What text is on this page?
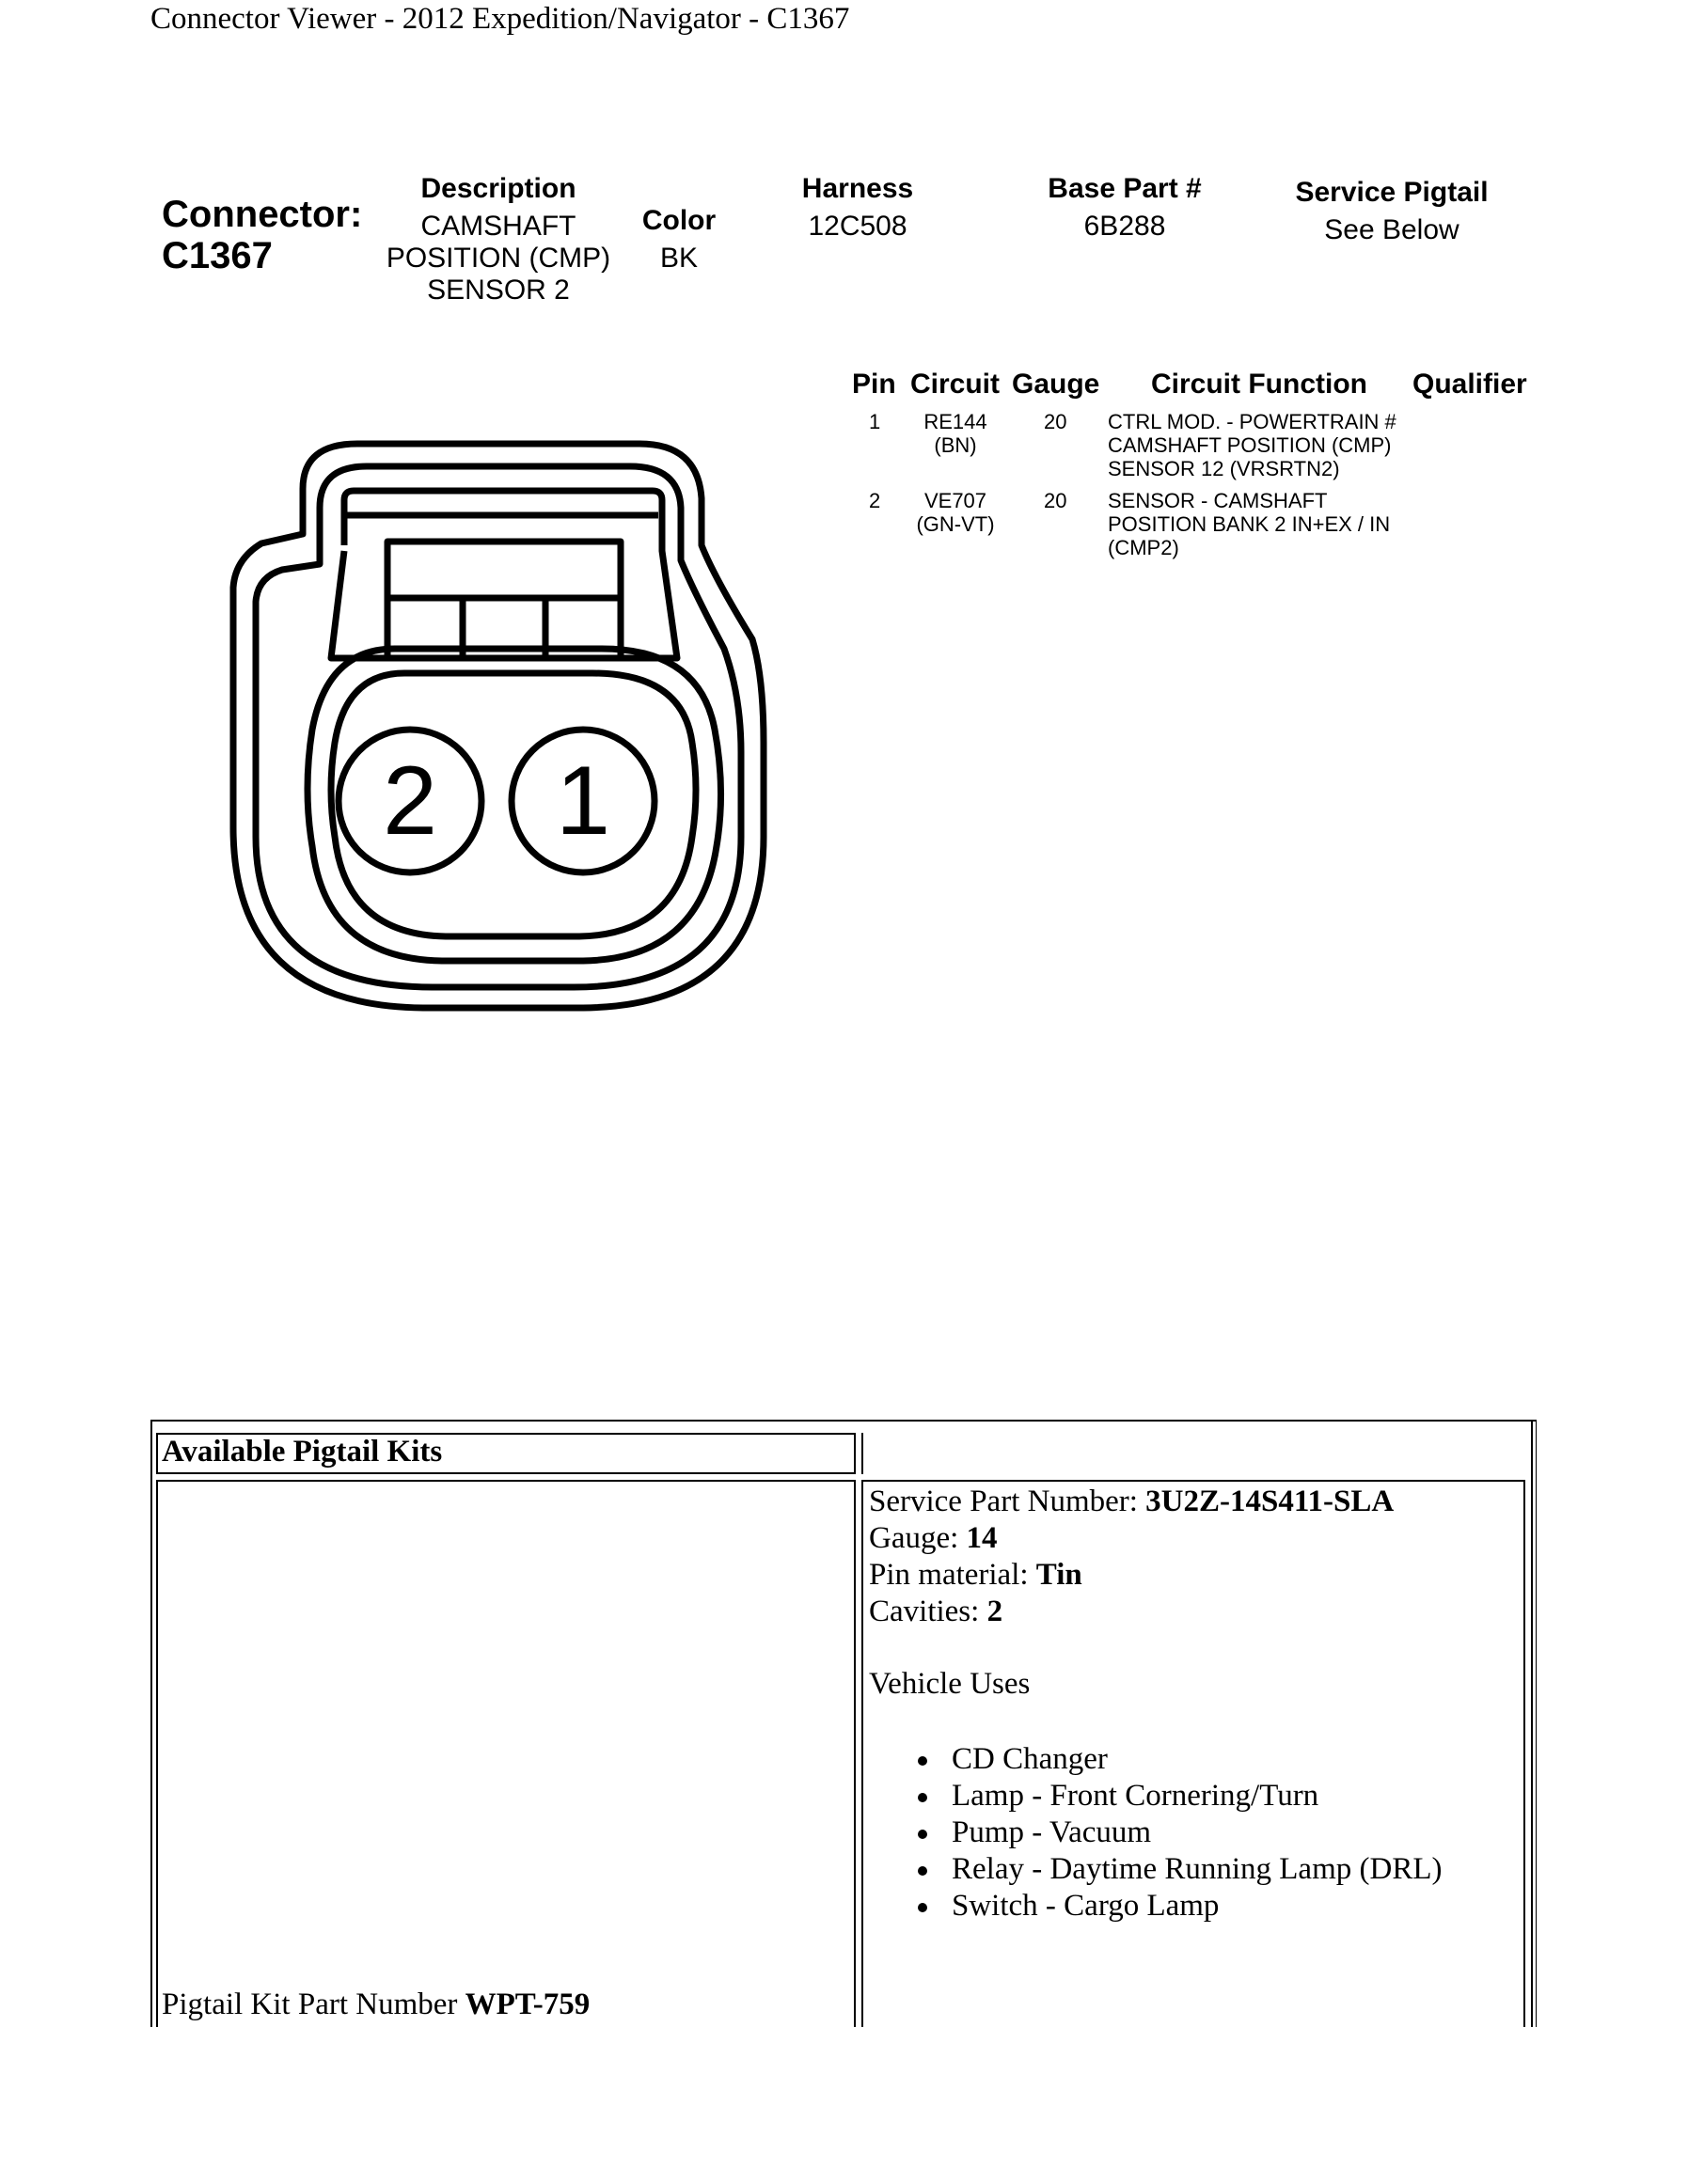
Connector Viewer - 2012 Expedition/Navigator - C1367
Connector:
C1367
Description
CAMSHAFT
POSITION (CMP)
SENSOR 2
Color
BK
Harness
12C508
Base Part #
6B288
Service Pigtail
See Below
Pin Circuit Gauge Circuit Function Qualifier
1 RE144
(BN)
20 CTRL MOD. - POWERTRAIN #
CAMSHAFT POSITION (CMP)
SENSOR 12 (VRSRTN2)
2	VE707
(GN-VT)
20 SENSOR - CAMSHAFT
POSITION BANK 2 IN+EX / IN
(CMP2)
2 1
Available Pigtail Kits
Service Part Number: 3U2Z-14S411-SLA
Gauge: 14
Pin material: Tin
Cavities: 2
Vehicle Uses
CD Changer
Lamp - Front Cornering/Turn
Pump - Vacuum
Relay - Daytime Running Lamp (DRL)
Switch - Cargo Lamp
Pigtail Kit Part Number WPT-759
